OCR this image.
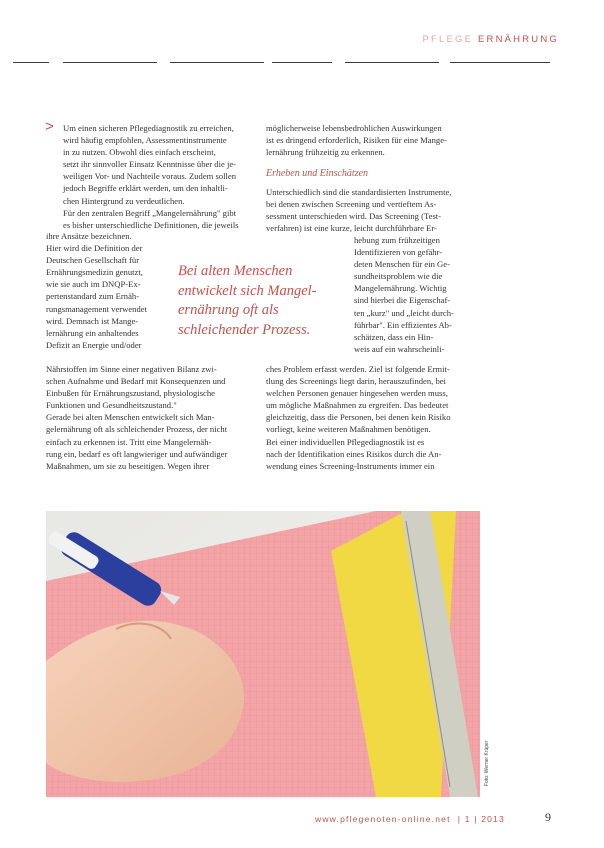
PFLEGE ERNÄHRUNG
> Um einen sicheren Pflegediagnostik zu erreichen,
wird häufig empfohlen, Assessmentinstrumente
in zu nutzen. Obwohl dies einfach erscheint,
setzt ihr sinnvoller Einsatz Kenntnisse über die je-
weiligen Vor- und Nachteile voraus. Zudem sollen
jedoch Begriffe erklärt werden, um den inhaltli-
chen Hintergrund zu verdeutlichen.
Für den zentralen Begriff „Mangelernährung" gibt
es bisher unterschiedliche Definitionen, die jeweils
ihre Ansätze bezeichnen.
Hier wird die Definition der
Deutschen Gesellschaft für
Ernährungsmedizin genutzt,
wie sie auch im DNQP-Ex-
pertenstandard zum Ernäh-
rungsmanagement verwendet
wird. Demnach ist Mange-
lernährung ein anhaltendes
Defizit an Energie und/oder
Nährstoffen im Sinne einer negativen Bilanz zwi-
schen Aufnahme und Bedarf mit Konsequenzen und
Einbußen für Ernährungszustand, physiologische
Funktionen und Gesundheitszustand."
Gerade bei alten Menschen entwickelt sich Man-
gelernährung oft als schleichender Prozess, der nicht
einfach zu erkennen ist. Tritt eine Mangelernäh-
rung ein, bedarf es oft langwieriger und aufwändiger
Maßnahmen, um sie zu beseitigen. Wegen ihrer
möglicherweise lebensbedrohlichen Auswirkungen
ist es dringend erforderlich, Risiken für eine Mange-
lernährung frühzeitig zu erkennen.
Erheben und Einschätzen
Unterschiedlich sind die standardisierten Instrumente,
bei denen zwischen Screening und vertieftem As-
sessment unterschieden wird. Das Screening (Test-
verfahren) ist eine kurze, leicht durchführbare Er-
hebung zum frühzeitigen
Identifizieren von gefähr-
deten Menschen für ein Ge-
sundheitsproblem wie die
Mangelernährung. Wichtig
sind hierbei die Eigenschaf-
ten „kurz" und „leicht durch-
führbar". Ein effizientes Ab-
schätzen, dass ein Hin-
weis auf ein wahrscheinli-
ches Problem erfasst werden. Ziel ist folgende Ermit-
tlung des Screenings liegt darin, herauszufinden, bei
welchen Personen genauer hingesehen werden muss,
um mögliche Maßnahmen zu ergreifen. Das bedeutet
gleichzeitig, dass die Personen, bei denen kein Risiko
vorliegt, keine weiteren Maßnahmen benötigen.
Bei einer individuellen Pflegediagnostik ist es
nach der Identifikation eines Risikos durch die An-
wendung eines Screening-Instruments immer ein
Bei alten Menschen
entwickelt sich Mangel-
ernährung oft als
schleichender Prozess.
Foto: Werner Krüper
www.pflegenoten-online.net  | 1 | 2013	9
